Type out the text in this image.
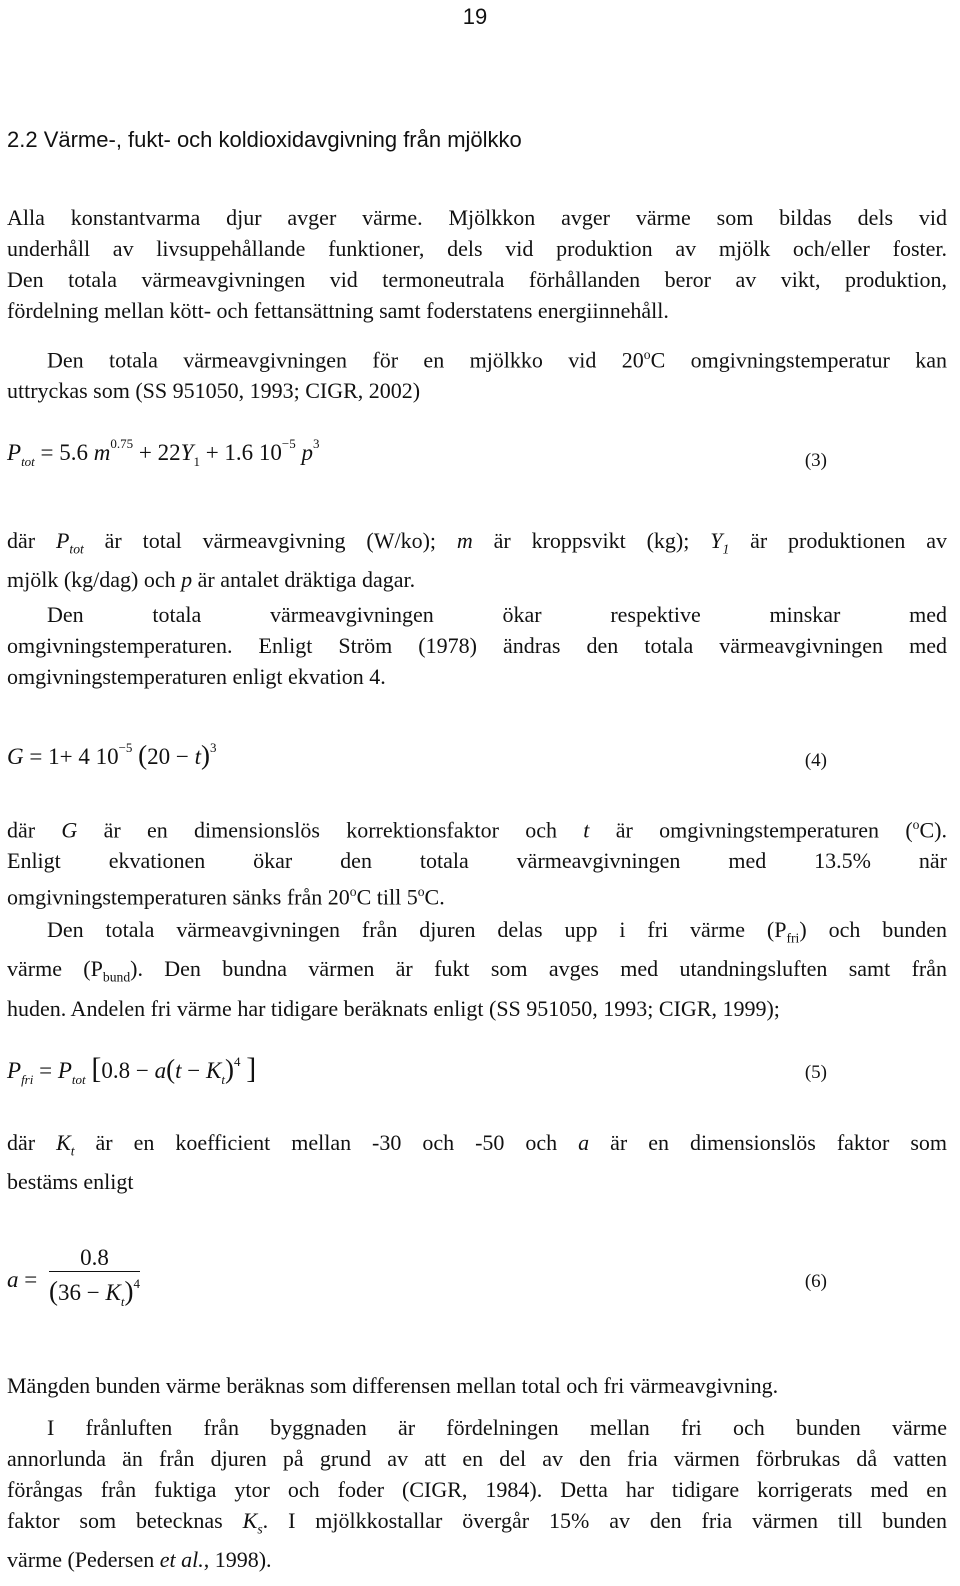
19
2.2 Värme-, fukt- och koldioxidavgivning från mjölkko

Alla konstantvarma djur avger värme. Mjölkkon avger värme som bildas dels vid
underhåll av livsuppehållande funktioner, dels vid produktion av mjölk och/eller foster.
Den totala värmeavgivningen vid termoneutrala förhållanden beror av vikt, produktion,
fördelning mellan kött- och fettansättning samt foderstatens energiinnehåll.

Den totala värmeavgivningen för en mjölkko vid 20$^o$C omgivningstemperatur kan
uttryckas som (SS 951050, 1993; CIGR, 2002)

$P_{tot} = 5.6$ $m^{0.75} + 22Y_1 + 1.6$ $10^{-5}$ $p^3$
(3)

där $P_{tot}$ är total värmeavgivning (W/ko); m är kroppsvikt (kg); $Y_1$ är produktionen av
mjölk (kg/dag) och p är antalet dräktiga dagar.

Den totala värmeavgivningen ökar respektive minskar med
omgivningstemperaturen. Enligt Ström (1978) ändras den totala värmeavgivningen med
omgivningstemperaturen enligt ekvation 4.

G = 1+ 4 $10^{-5}$ $(20 - t)^3$
(4)

där G är en dimensionslös korrektionsfaktor och t är omgivningstemperaturen ($^o$C).
Enligt ekvationen ökar den totala värmeavgivningen med 13.5% när
omgivningstemperaturen sänks från 20$^o$C till 5$^o$C.

Den totala värmeavgivningen från djuren delas upp i fri värme $(P_{fri})$ och bunden
värme $(P_{bund})$. Den bundna värmen är fukt som avges med utandningsluften samt från
huden. Andelen fri värme har tidigare beräknats enligt (SS 951050, 1993; CIGR, 1999);

$P_{fri} = P_{tot}$ [$0.8 - a(t - K_t)^4$ ]	(5)

där $K_t$ är en koefficient mellan -30 och -50 och a är en dimensionslös faktor som
bestäms enligt

$a = \frac{0.8}{(36 - K_t)^4}$	(6)

Mängden bunden värme beräknas som differensen mellan total och fri värmeavgivning.

I frånluften från byggnaden är fördelningen mellan fri och bunden värme
annorlunda än från djuren på grund av att en del av den fria värmen förbrukas då vatten
förångas från fuktiga ytor och foder (CIGR, 1984). Detta har tidigare korrigerats med en
faktor som betecknas $K_s$. I mjölkkostallar övergår 15% av den fria värmen till bunden
värme (Pedersen et al., 1998).
